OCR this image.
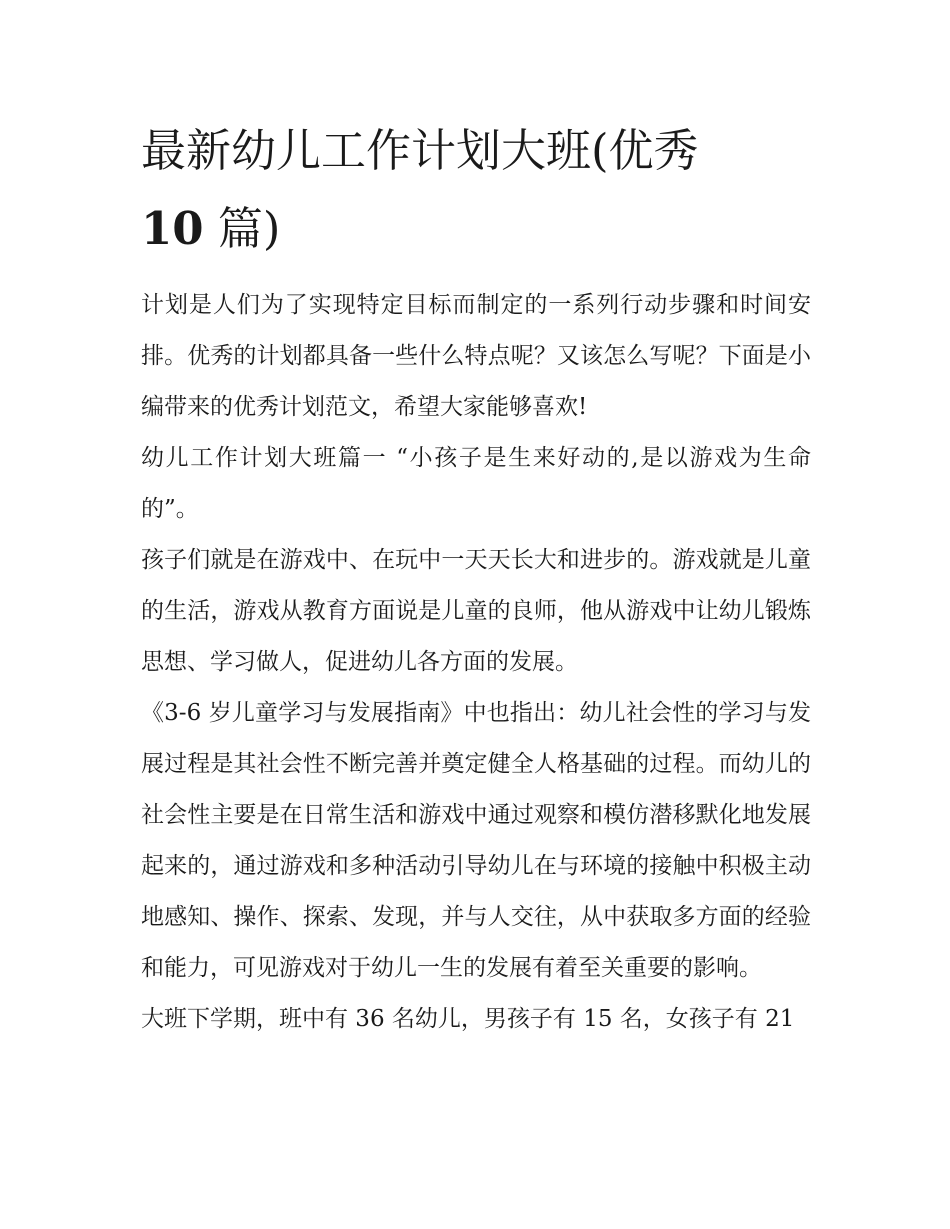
最新幼儿工作计划大班(优秀
10 篇)

计划是人们为了实现特定目标而制定的一系列行动步骤和时间安排。优秀的计划都具备一些什么特点呢？又该怎么写呢？下面是小编带来的优秀计划范文，希望大家能够喜欢!

幼儿工作计划大班篇一 “小孩子是生来好动的,是以游戏为生命的”。

孩子们就是在游戏中、在玩中一天天长大和进步的。游戏就是儿童的生活，游戏从教育方面说是儿童的良师，他从游戏中让幼儿锻炼思想、学习做人，促进幼儿各方面的发展。

《3-6 岁儿童学习与发展指南》中也指出：幼儿社会性的学习与发展过程是其社会性不断完善并奠定健全人格基础的过程。而幼儿的社会性主要是在日常生活和游戏中通过观察和模仿潜移默化地发展起来的，通过游戏和多种活动引导幼儿在与环境的接触中积极主动地感知、操作、探索、发现，并与人交往，从中获取多方面的经验和能力，可见游戏对于幼儿一生的发展有着至关重要的影响。

大班下学期，班中有 36 名幼儿，男孩子有 15 名，女孩子有 21
